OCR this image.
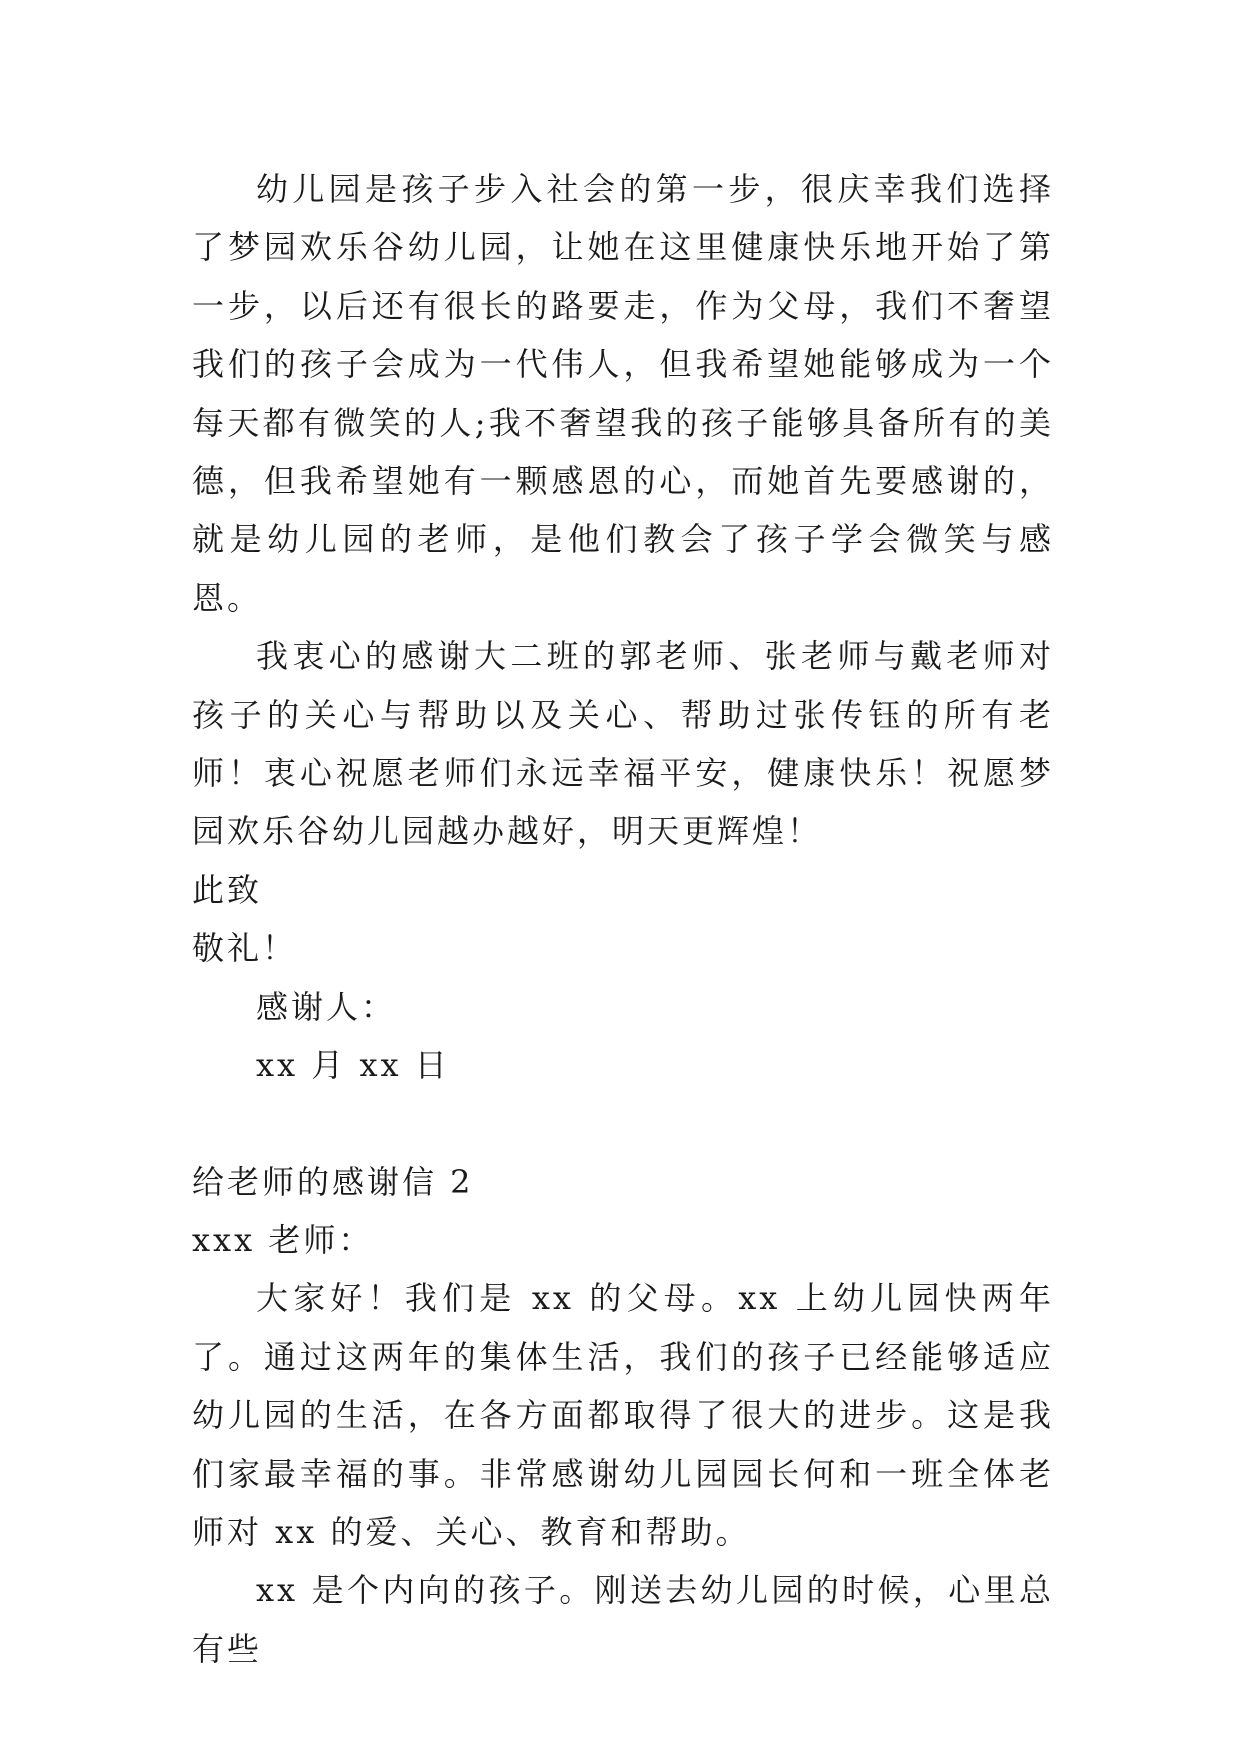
幼儿园是孩子步入社会的第一步，很庆幸我们选择了梦园欢乐谷幼儿园，让她在这里健康快乐地开始了第一步，以后还有很长的路要走，作为父母，我们不奢望我们的孩子会成为一代伟人，但我希望她能够成为一个每天都有微笑的人;我不奢望我的孩子能够具备所有的美德，但我希望她有一颗感恩的心，而她首先要感谢的，就是幼儿园的老师，是他们教会了孩子学会微笑与感恩。

我衷心的感谢大二班的郭老师、张老师与戴老师对孩子的关心与帮助以及关心、帮助过张传钰的所有老师！衷心祝愿老师们永远幸福平安，健康快乐！祝愿梦园欢乐谷幼儿园越办越好，明天更辉煌！

此致

敬礼！

感谢人：

xx 月 xx 日

给老师的感谢信 2

xxx 老师：

大家好！我们是 xx 的父母。xx 上幼儿园快两年了。通过这两年的集体生活，我们的孩子已经能够适应幼儿园的生活，在各方面都取得了很大的进步。这是我们家最幸福的事。非常感谢幼儿园园长何和一班全体老师对 xx 的爱、关心、教育和帮助。

xx 是个内向的孩子。刚送去幼儿园的时候，心里总有些
